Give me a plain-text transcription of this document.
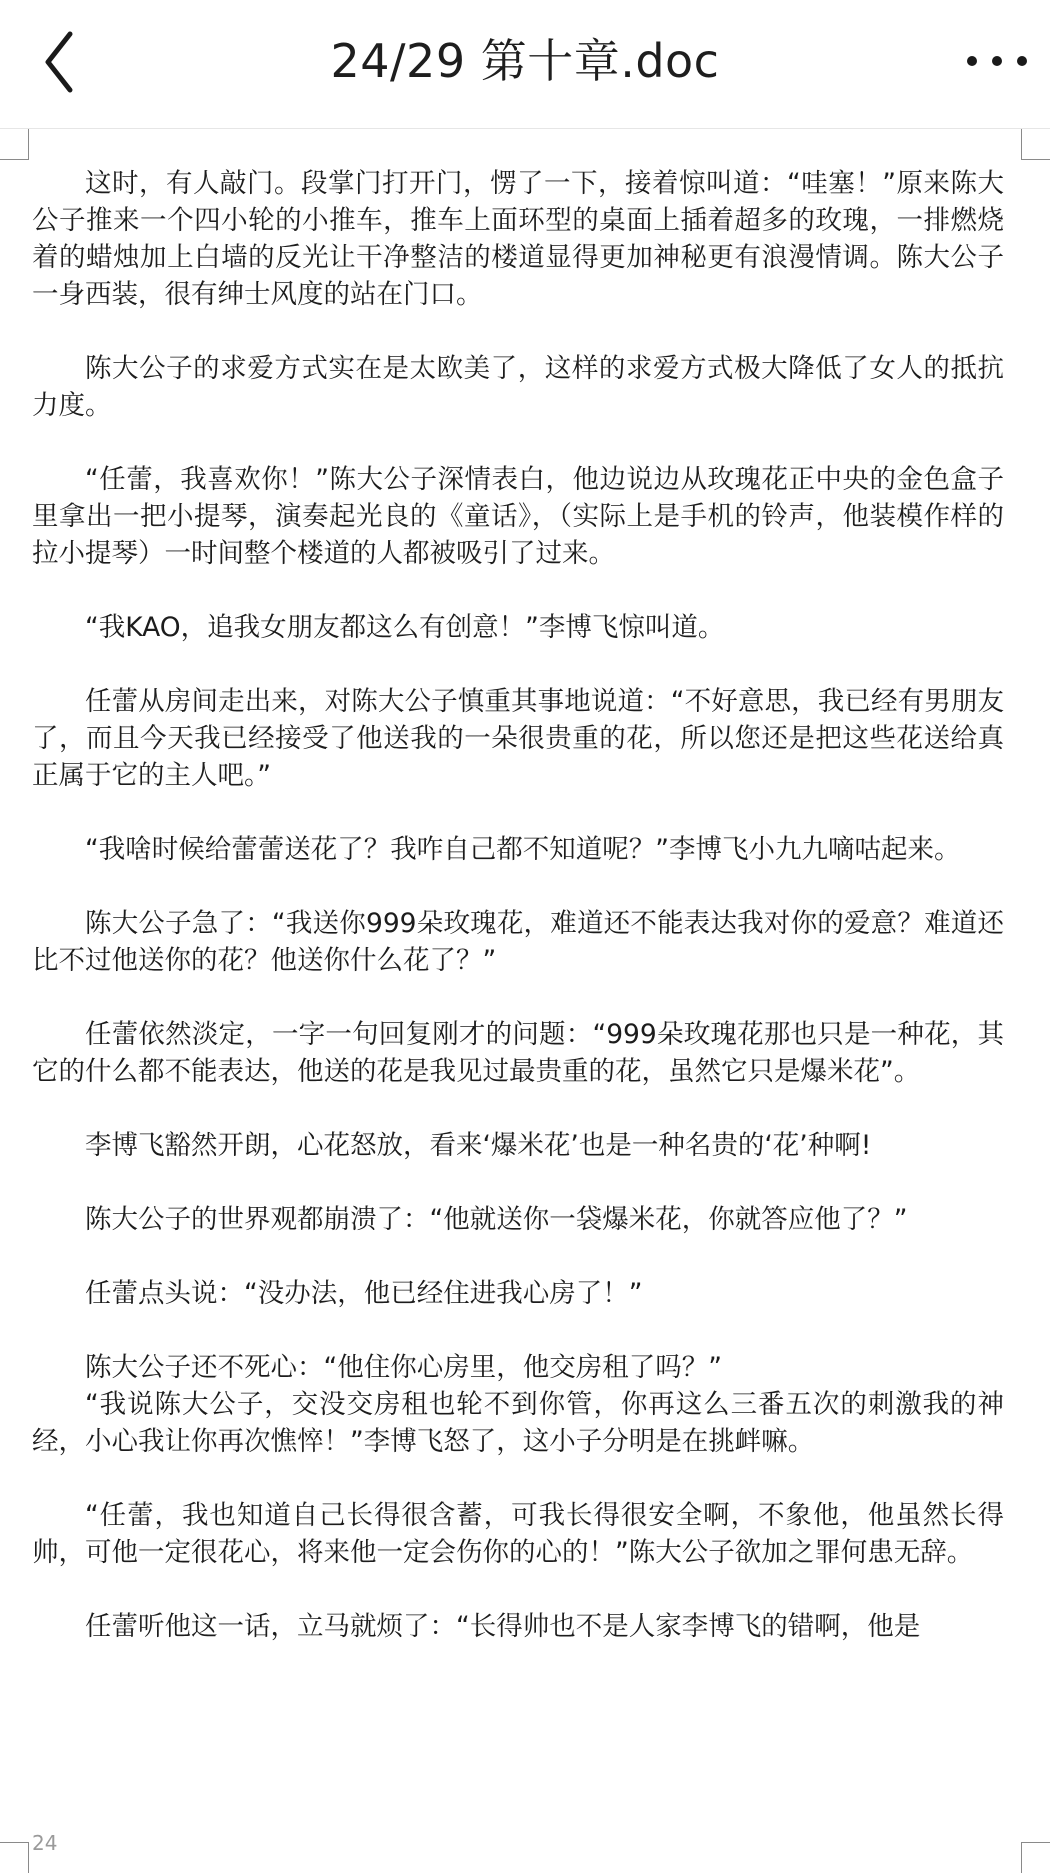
24/29 第十章.doc

这时，有人敲门。段掌门打开门，愣了一下，接着惊叫道：“哇塞！”原来陈大公子推来一个四小轮的小推车，推车上面环型的桌面上插着超多的玫瑰，一排燃烧着的蜡烛加上白墙的反光让干净整洁的楼道显得更加神秘更有浪漫情调。陈大公子一身西装，很有绅士风度的站在门口。

陈大公子的求爱方式实在是太欧美了，这样的求爱方式极大降低了女人的抵抗力度。

“任蕾，我喜欢你！”陈大公子深情表白，他边说边从玫瑰花正中央的金色盒子里拿出一把小提琴，演奏起光良的《童话》，（实际上是手机的铃声，他装模作样的拉小提琴）一时间整个楼道的人都被吸引了过来。

“我KAO，追我女朋友都这么有创意！”李博飞惊叫道。

任蕾从房间走出来，对陈大公子慎重其事地说道：“不好意思，我已经有男朋友了，而且今天我已经接受了他送我的一朵很贵重的花，所以您还是把这些花送给真正属于它的主人吧。”

“我啥时候给蕾蕾送花了？我咋自己都不知道呢？”李博飞小九九嘀咕起来。

陈大公子急了：“我送你999朵玫瑰花，难道还不能表达我对你的爱意？难道还比不过他送你的花？他送你什么花了？”

任蕾依然淡定，一字一句回复刚才的问题：“999朵玫瑰花那也只是一种花，其它的什么都不能表达，他送的花是我见过最贵重的花，虽然它只是爆米花”。

李博飞豁然开朗，心花怒放，看来‘爆米花’也是一种名贵的‘花’种啊!

陈大公子的世界观都崩溃了：“他就送你一袋爆米花，你就答应他了？”

任蕾点头说：“没办法，他已经住进我心房了！”

陈大公子还不死心：“他住你心房里，他交房租了吗？”

“我说陈大公子，交没交房租也轮不到你管，你再这么三番五次的刺激我的神经，小心我让你再次憔悴！”李博飞怒了，这小子分明是在挑衅嘛。

“任蕾，我也知道自己长得很含蓄，可我长得很安全啊，不象他，他虽然长得帅，可他一定很花心，将来他一定会伤你的心的！”陈大公子欲加之罪何患无辞。

任蕾听他这一话，立马就烦了：“长得帅也不是人家李博飞的错啊，他是

24
